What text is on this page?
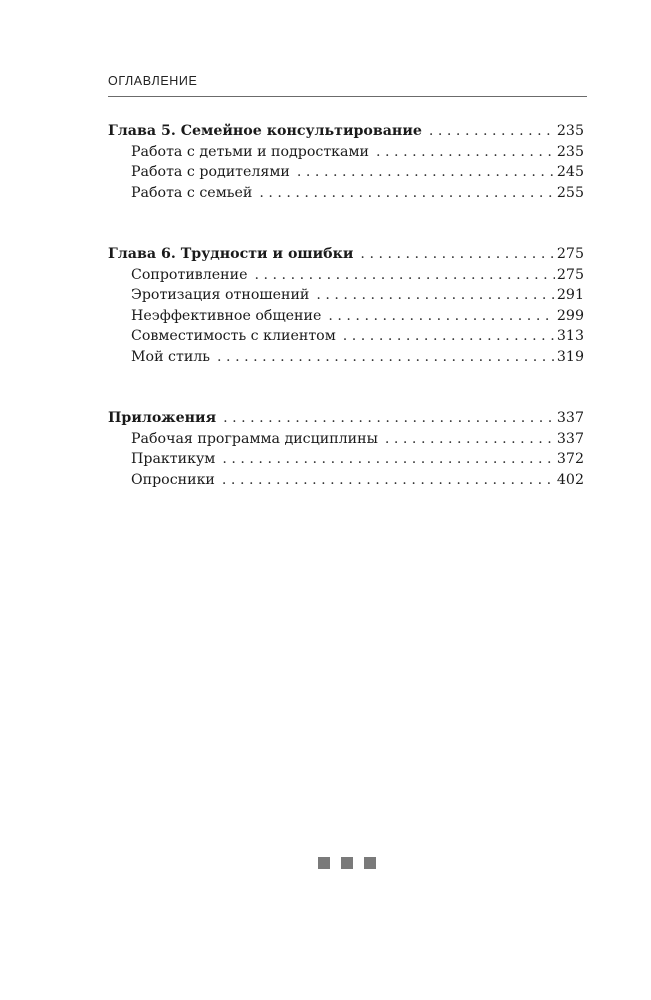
ОГЛАВЛЕНИЕ
Глава 5. Семейное консультирование . . .	235
Работа с детьми и подростками . . .	235
Работа с родителями . . .	245
Работа с семьей . . .	255
Глава 6. Трудности и ошибки . . .	275
Сопротивление . . .	275
Эротизация отношений . . .	291
Неэффективное общение . . .	299
Совместимость с клиентом . . .	313
Мой стиль . . .	319
Приложения . . .	337
Рабочая программа дисциплины . . .	337
Практикум . . .	372
Опросники . . .	402
